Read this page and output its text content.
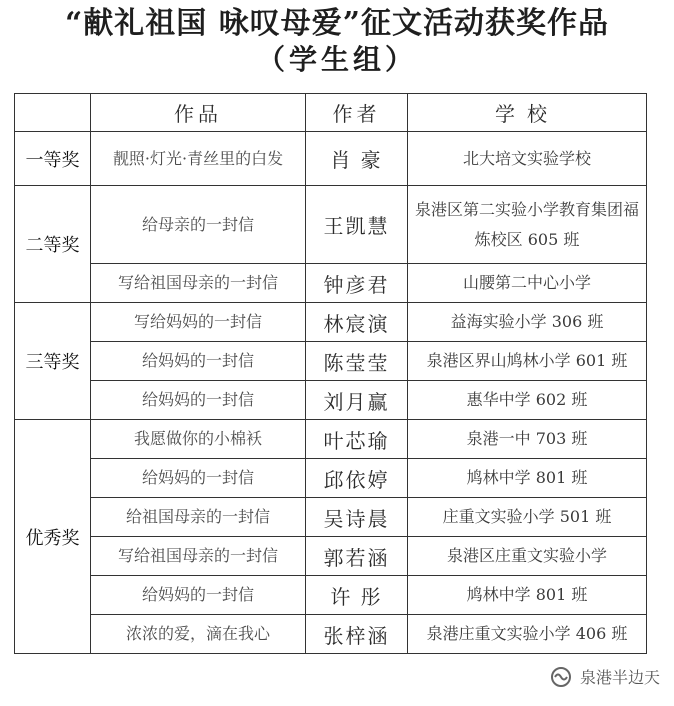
“献礼祖国 咏叹母爱”征文活动获奖作品
（学生组）
	作品	作者	学校
一等奖	靓照·灯光·青丝里的白发	肖 豪	北大培文实验学校
二等奖	给母亲的一封信	王凯慧	泉港区第二实验小学教育集团福炼校区 605 班
	写给祖国母亲的一封信	钟彦君	山腰第二中心小学
三等奖	写给妈妈的一封信	林宸演	益海实验小学 306 班
	给妈妈的一封信	陈莹莹	泉港区界山鸠林小学 601 班
	给妈妈的一封信	刘月赢	惠华中学 602 班
优秀奖	我愿做你的小棉袄	叶芯瑜	泉港一中 703 班
	给妈妈的一封信	邱依婷	鸠林中学 801 班
	给祖国母亲的一封信	吴诗晨	庄重文实验小学 501 班
	写给祖国母亲的一封信	郭若涵	泉港区庄重文实验小学
	给妈妈的一封信	许 彤	鸠林中学 801 班
	浓浓的爱，滴在我心	张梓涵	泉港庄重文实验小学 406 班
泉港半边天
